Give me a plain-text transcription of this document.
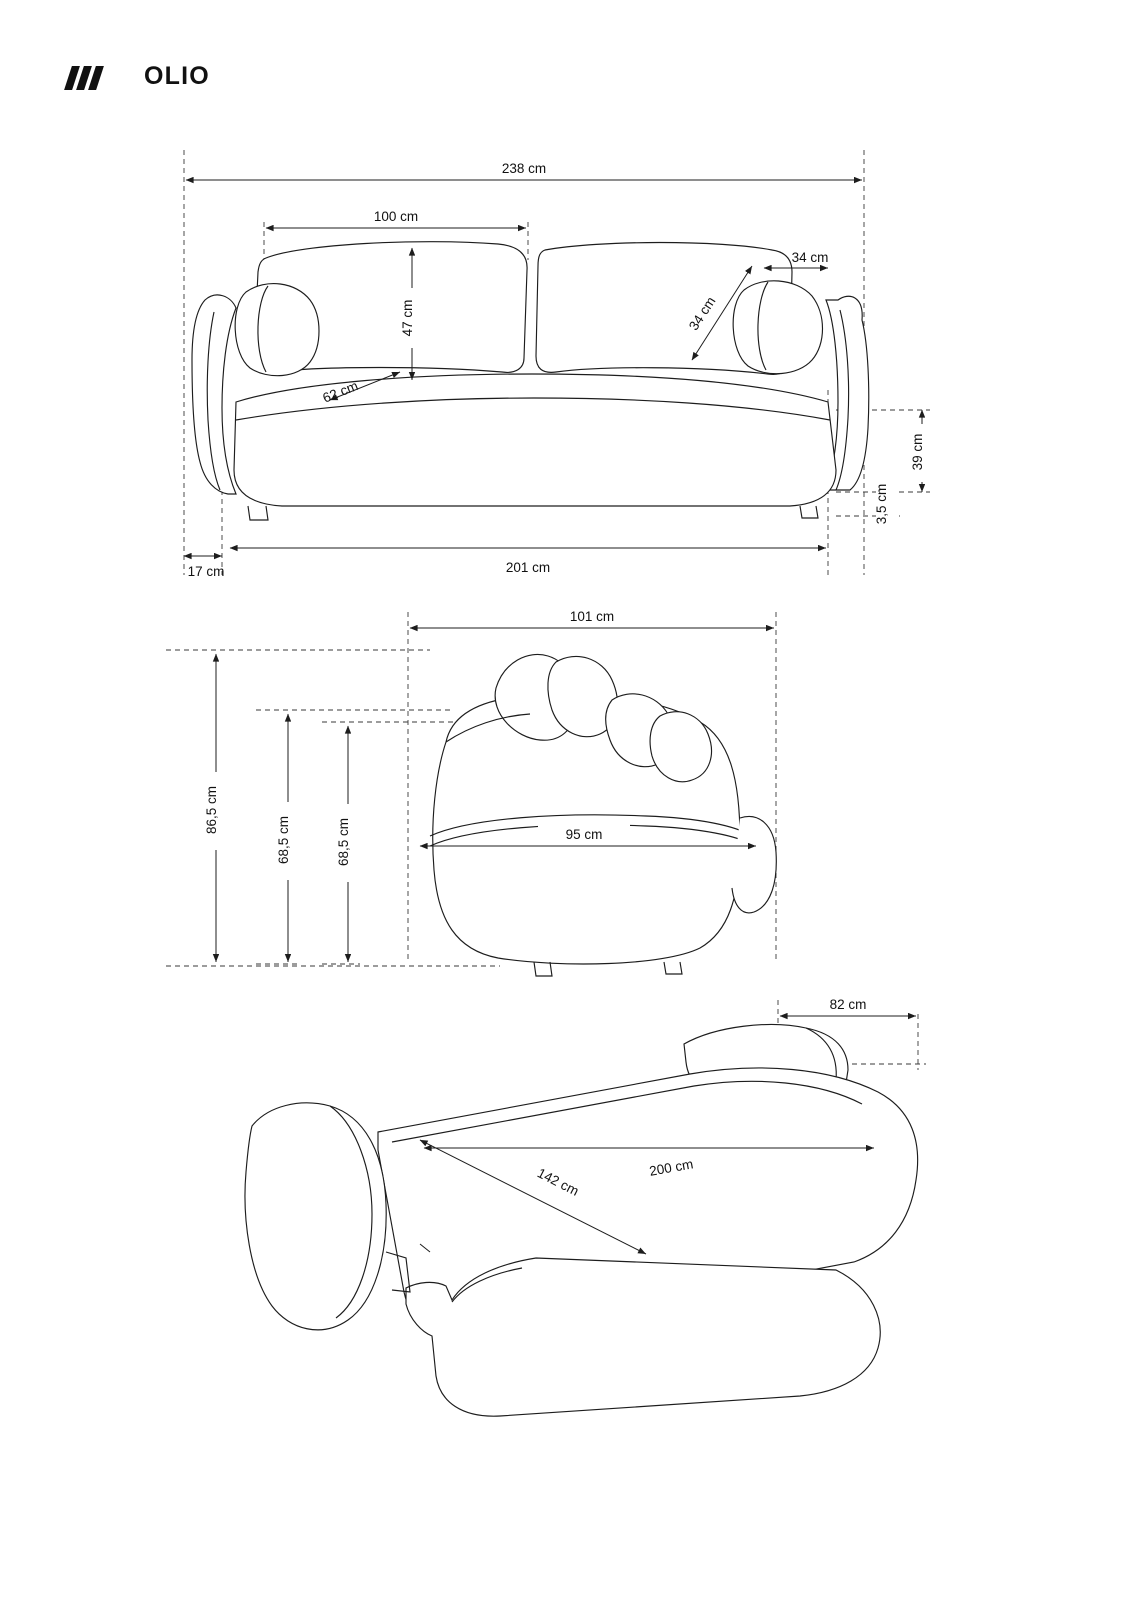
OLIO
238 cm
100 cm
47 cm
62 cm
34 cm
34 cm
39 cm
3,5 cm
17 cm	201 cm
101 cm
86,5 cm
68,5 cm	68,5 cm	95 cm
82 cm
200 cm
142 cm
